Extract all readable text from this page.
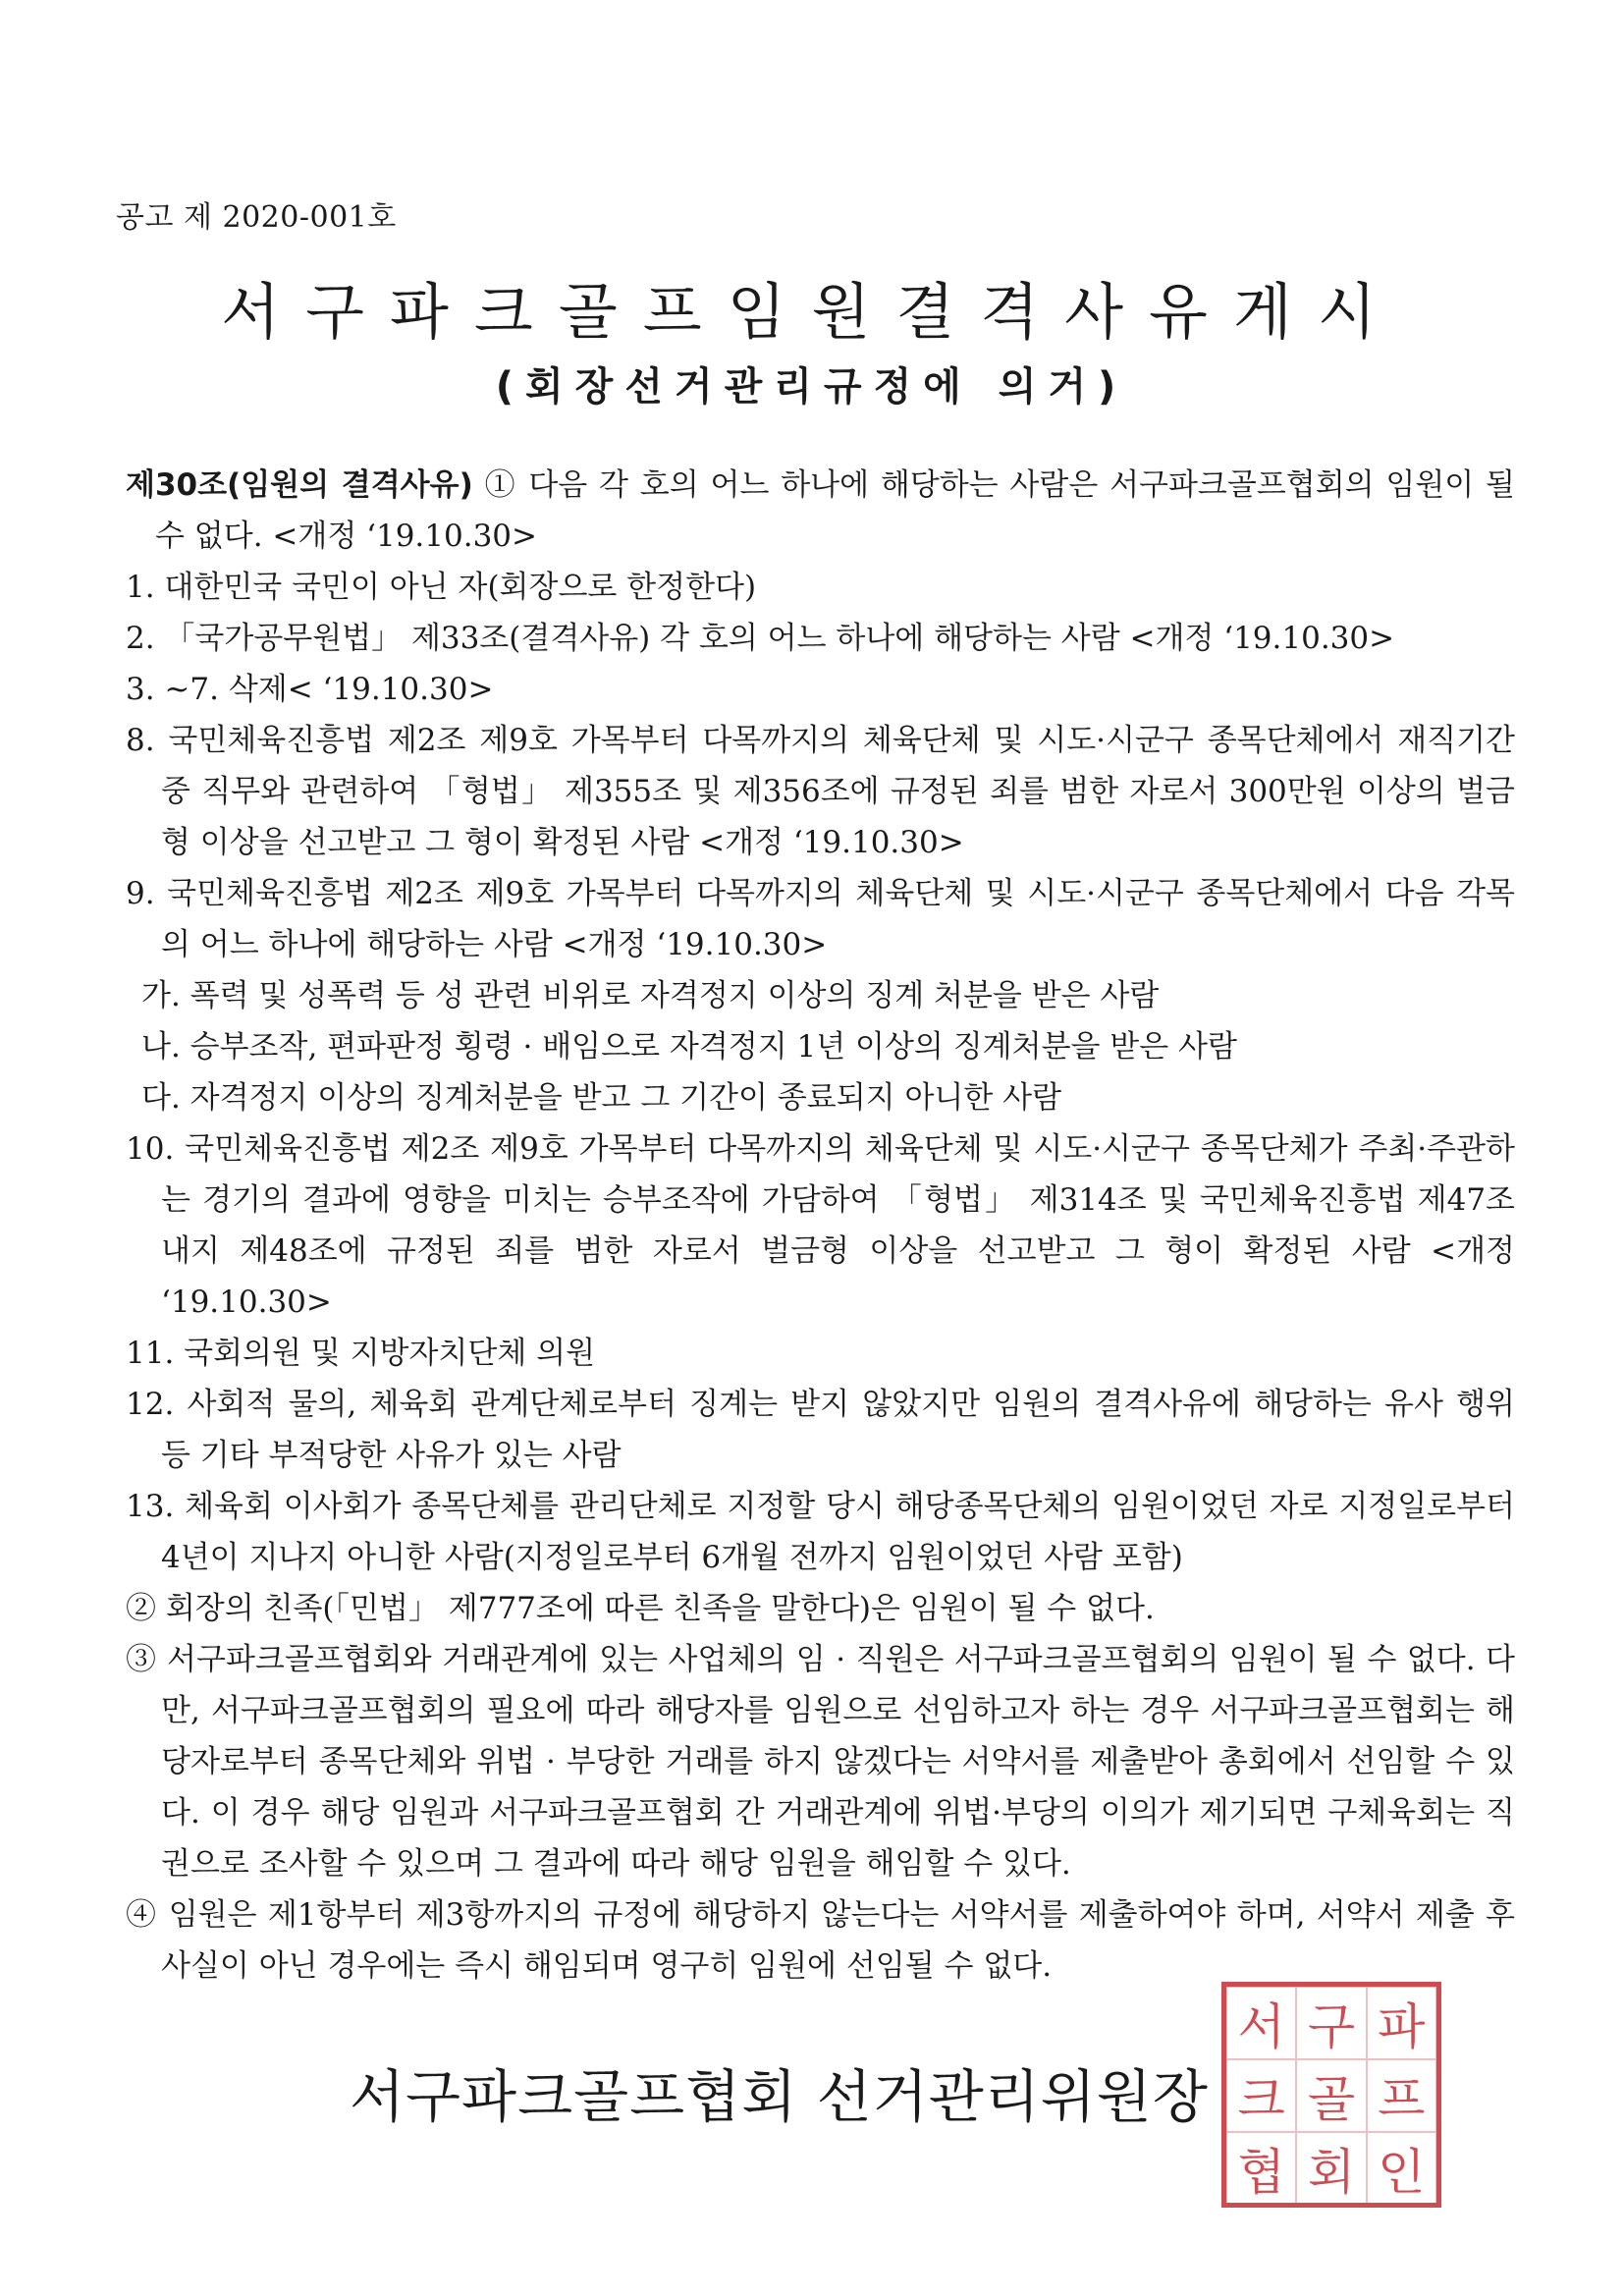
공고 제 2020-001호
서구파크골프임원결격사유게시
(회장선거관리규정에 의거)

제30조(임원의 결격사유) ① 다음 각 호의 어느 하나에 해당하는 사람은 서구파크골프협회의 임원이 될 수 없다. <개정 ‘19.10.30>

1. 대한민국 국민이 아닌 자(회장으로 한정한다)

2. 「국가공무원법」 제33조(결격사유) 각 호의 어느 하나에 해당하는 사람 <개정 ‘19.10.30>

3. ~7. 삭제< ‘19.10.30>

8. 국민체육진흥법 제2조 제9호 가목부터 다목까지의 체육단체 및 시도·시군구 종목단체에서 재직기간 중 직무와 관련하여 「형법」 제355조 및 제356조에 규정된 죄를 범한 자로서 300만원 이상의 벌금형 이상을 선고받고 그 형이 확정된 사람 <개정 ‘19.10.30>

9. 국민체육진흥법 제2조 제9호 가목부터 다목까지의 체육단체 및 시도·시군구 종목단체에서 다음 각목의 어느 하나에 해당하는 사람 <개정 ‘19.10.30>

가. 폭력 및 성폭력 등 성 관련 비위로 자격정지 이상의 징계 처분을 받은 사람

나. 승부조작, 편파판정 횡령 · 배임으로 자격정지 1년 이상의 징계처분을 받은 사람

다. 자격정지 이상의 징계처분을 받고 그 기간이 종료되지 아니한 사람

10. 국민체육진흥법 제2조 제9호 가목부터 다목까지의 체육단체 및 시도·시군구 종목단체가 주최·주관하는 경기의 결과에 영향을 미치는 승부조작에 가담하여 「형법」 제314조 및 국민체육진흥법 제47조 내지 제48조에 규정된 죄를 범한 자로서 벌금형 이상을 선고받고 그 형이 확정된 사람 <개정 ‘19.10.30>

11. 국회의원 및 지방자치단체 의원

12. 사회적 물의, 체육회 관계단체로부터 징계는 받지 않았지만 임원의 결격사유에 해당하는 유사 행위 등 기타 부적당한 사유가 있는 사람

13. 체육회 이사회가 종목단체를 관리단체로 지정할 당시 해당종목단체의 임원이었던 자로 지정일로부터 4년이 지나지 아니한 사람(지정일로부터 6개월 전까지 임원이었던 사람 포함)

② 회장의 친족(「민법」 제777조에 따른 친족을 말한다)은 임원이 될 수 없다.

③ 서구파크골프협회와 거래관계에 있는 사업체의 임 · 직원은 서구파크골프협회의 임원이 될 수 없다. 다만, 서구파크골프협회의 필요에 따라 해당자를 임원으로 선임하고자 하는 경우 서구파크골프협회는 해당자로부터 종목단체와 위법 · 부당한 거래를 하지 않겠다는 서약서를 제출받아 총회에서 선임할 수 있다. 이 경우 해당 임원과 서구파크골프협회 간 거래관계에 위법·부당의 이의가 제기되면 구체육회는 직권으로 조사할 수 있으며 그 결과에 따라 해당 임원을 해임할 수 있다.

④ 임원은 제1항부터 제3항까지의 규정에 해당하지 않는다는 서약서를 제출하여야 하며, 서약서 제출 후 사실이 아닌 경우에는 즉시 해임되며 영구히 임원에 선임될 수 없다.

서구파크골프협회 선거관리위원장
서 구 파
크 골 프
협 회 인
